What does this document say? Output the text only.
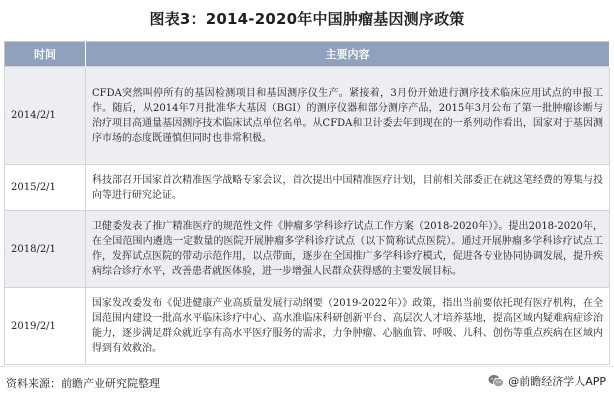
图表3：2014-2020年中国肿瘤基因测序政策
时间	主要内容
2014/2/1	CFDA突然叫停所有的基因检测项目和基因测序仪生产。紧接着，3月份开始进行测序技术临床应用试点的申报工作。随后，从2014年7月批准华大基因（BGI）的测序仪器和部分测序产品，2015年3月公布了第一批肿瘤诊断与治疗项目高通量基因测序技术临床试点单位名单。从CFDA和卫计委去年到现在的一系列动作看出，国家对于基因测序市场的态度既谨慎但同时也非常积极。
2015/2/1	科技部召开国家首次精准医学战略专家会议，首次提出中国精准医疗计划，目前相关部委正在就这笔经费的筹集与投向等进行研究论证。
2018/2/1	卫健委发表了推广精准医疗的规范性文件《肿瘤多学科诊疗试点工作方案（2018-2020年）》。提出2018-2020年，在全国范围内遴选一定数量的医院开展肿瘤多学科诊疗试点（以下简称试点医院）。通过开展肿瘤多学科诊疗试点工作，发挥试点医院的带动示范作用，以点带面，逐步在全国推广多学科诊疗模式，促进各专业协同协调发展，提升疾病综合诊疗水平，改善患者就医体验，进一步增强人民群众获得感的主要发展目标。
2019/2/1	国家发改委发布《促进健康产业高质量发展行动纲要（2019-2022年）》政策，指出当前要依托现有医疗机构，在全国范围内建设一批高水平临床诊疗中心、高水准临床科研创新平台、高层次人才培养基地，提高区域内疑难病症诊治能力，逐步满足群众就近享有高水平医疗服务的需求，力争肿瘤、心脑血管、呼吸、儿科、创伤等重点疾病在区域内得到有效救治。
资料来源：前瞻产业研究院整理	@前瞻经济学人APP
